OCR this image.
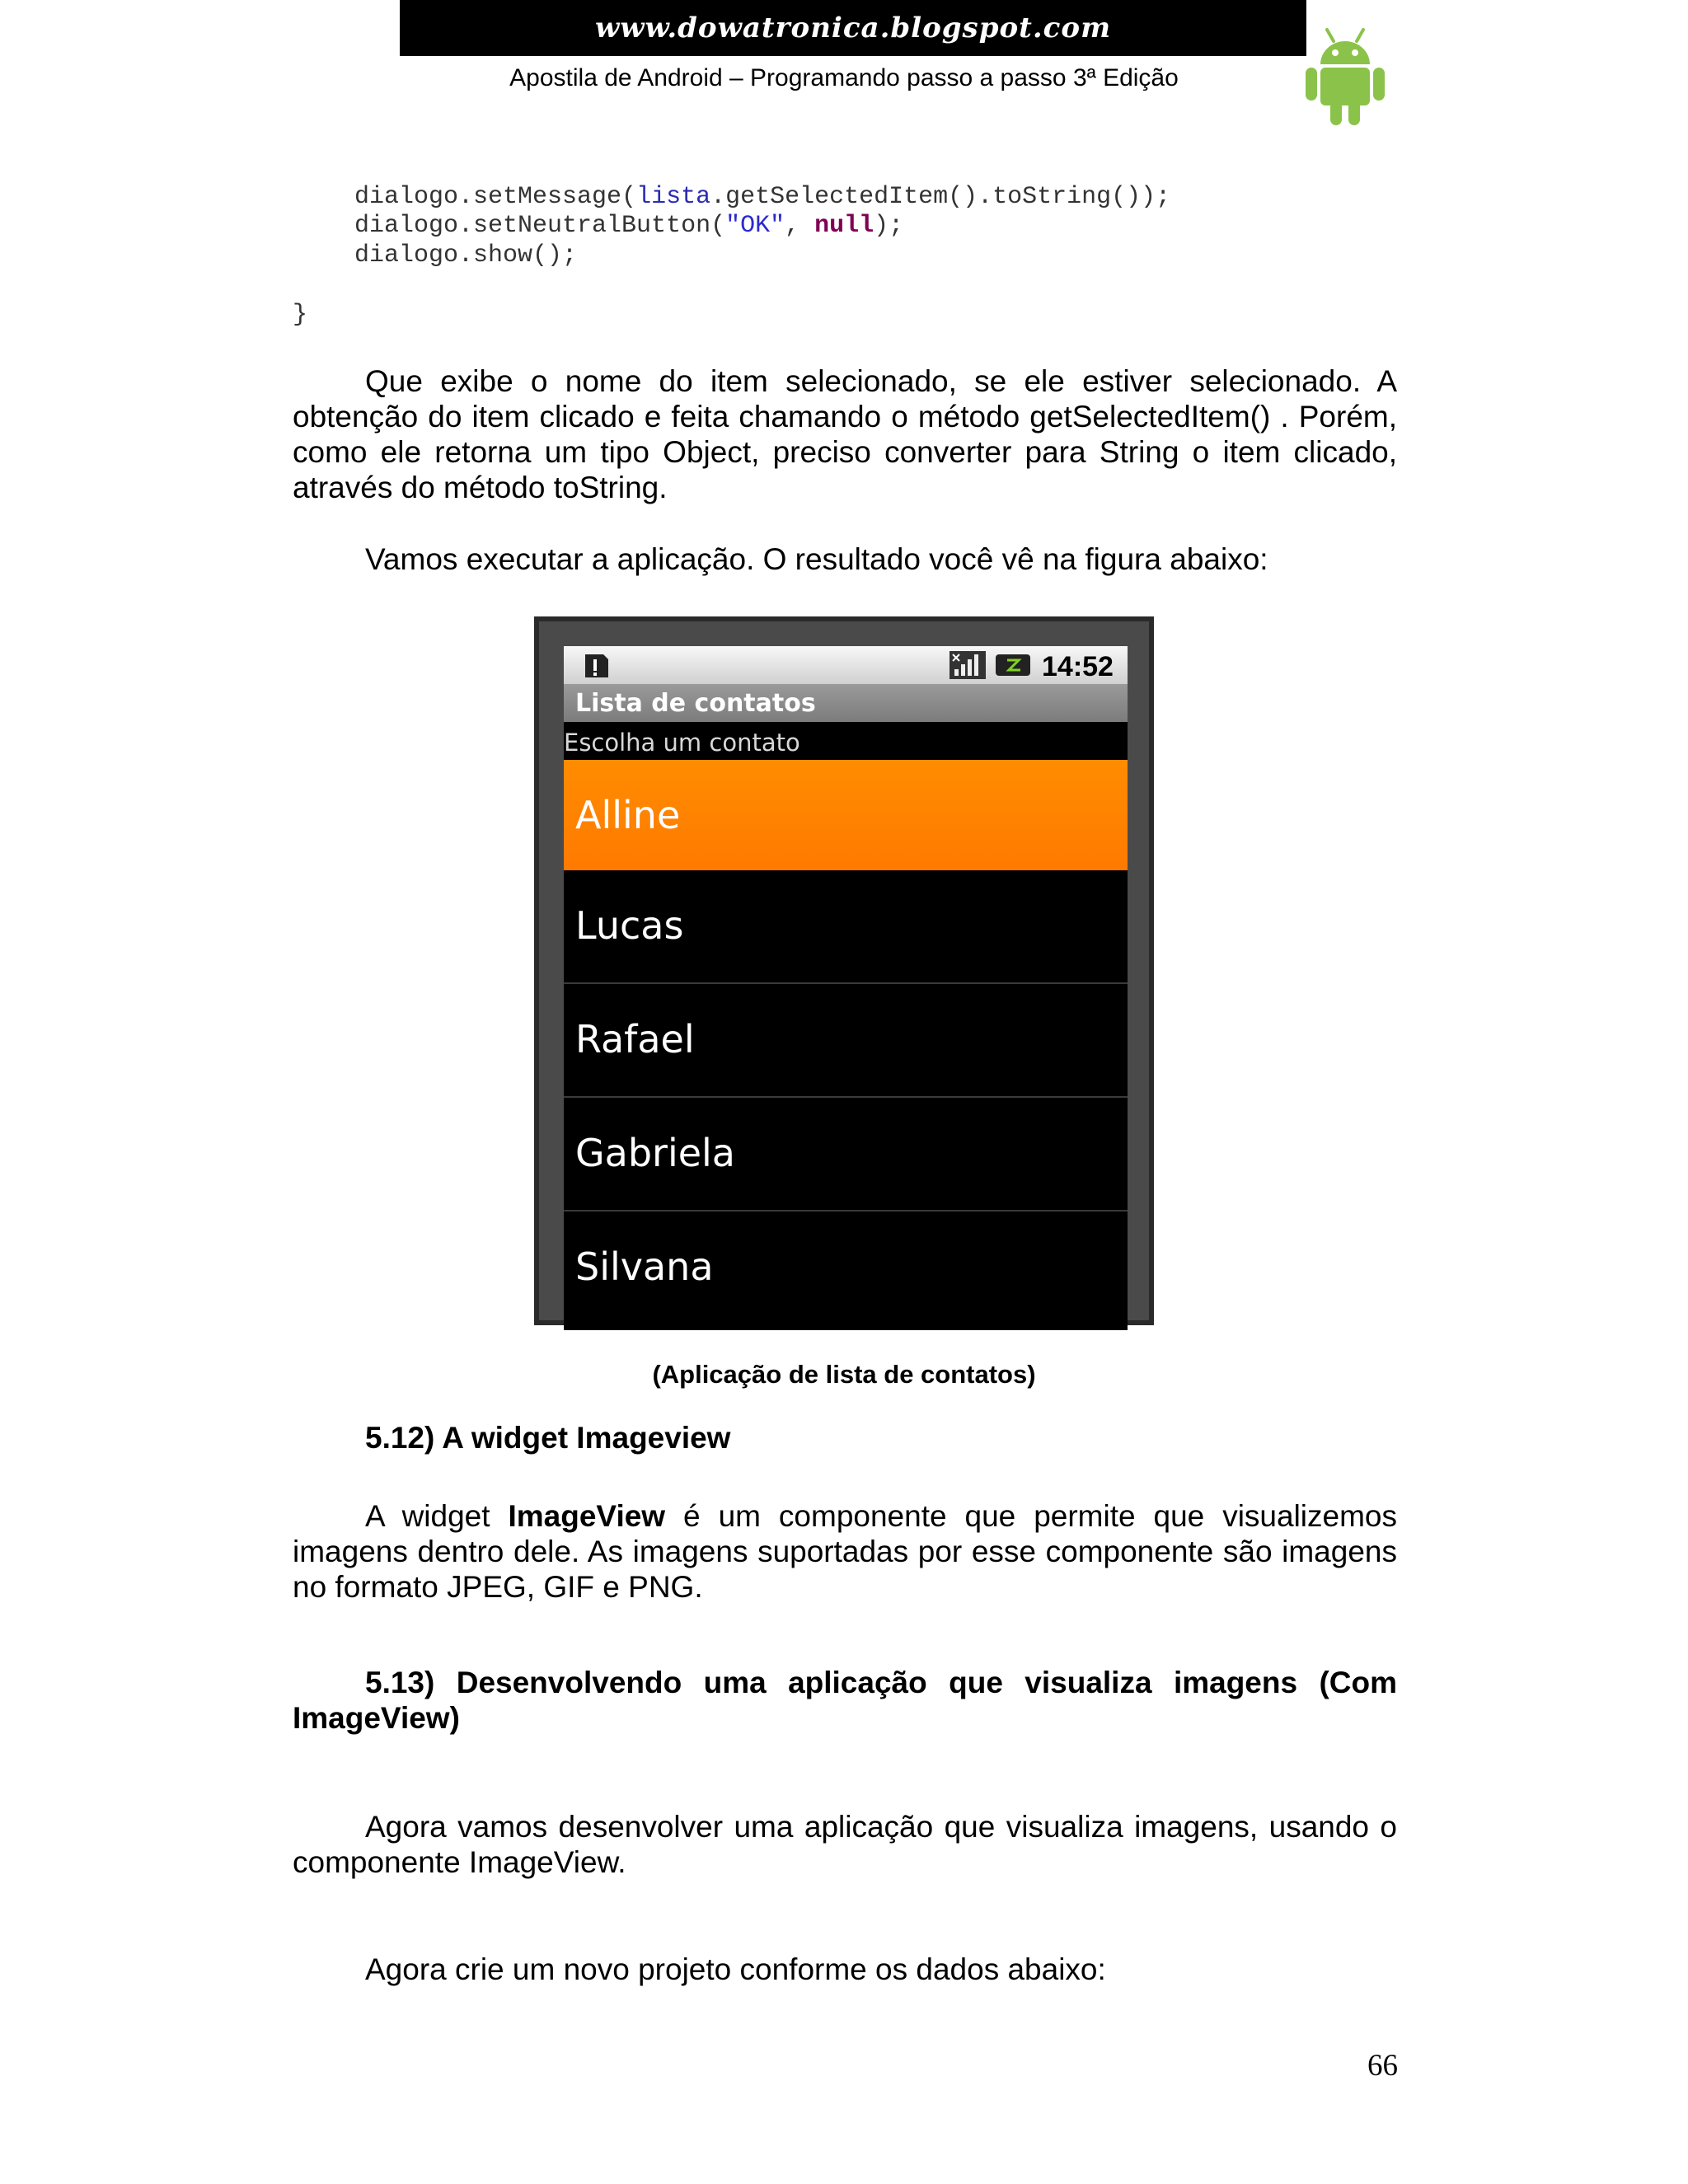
www.dowatronica.blogspot.com
Apostila de Android – Programando passo a passo 3ª Edição
dialogo.setMessage(lista.getSelectedItem().toString());
dialogo.setNeutralButton("OK", null);
dialogo.show();
}
Que exibe o nome do item selecionado, se ele estiver selecionado. A obtenção do item clicado e feita chamando o método getSelectedItem() . Porém, como ele retorna um tipo Object, preciso converter para String o item clicado, através do método toString.
Vamos executar a aplicação. O resultado você vê na figura abaixo:
14:52
Lista de contatos
Escolha um contato
Alline
Lucas
Rafael
Gabriela
Silvana
(Aplicação de lista de contatos)
5.12) A widget Imageview
A widget ImageView é um componente que permite que visualizemos imagens dentro dele. As imagens suportadas por esse componente são imagens no formato JPEG, GIF e PNG.
5.13) Desenvolvendo uma aplicação que visualiza imagens (Com ImageView)
Agora vamos desenvolver uma aplicação que visualiza imagens, usando o componente ImageView.
Agora crie um novo projeto conforme os dados abaixo:
66
